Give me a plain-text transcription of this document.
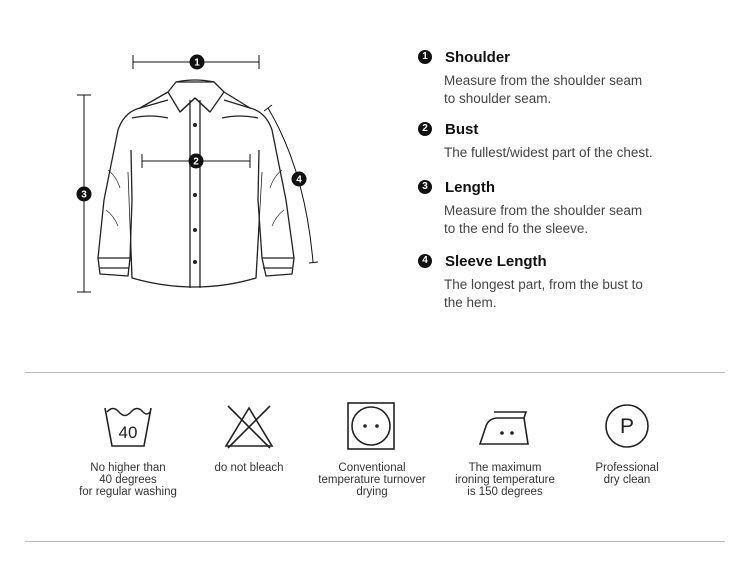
1
2
3
4
1 Shoulder
Measure from the shoulder seam
to shoulder seam.
2 Bust
The fullest/widest part of the chest.
3 Length
Measure from the shoulder seam
to the end fo the sleeve.
4 Sleeve Length
The longest part, from the bust to
the hem.
40
No higher than
40 degrees
for regular washing
do not bleach	Conventional
temperature turnover
drying
The maximum
ironing temperature
is 150 degrees
P
Professional
dry clean
